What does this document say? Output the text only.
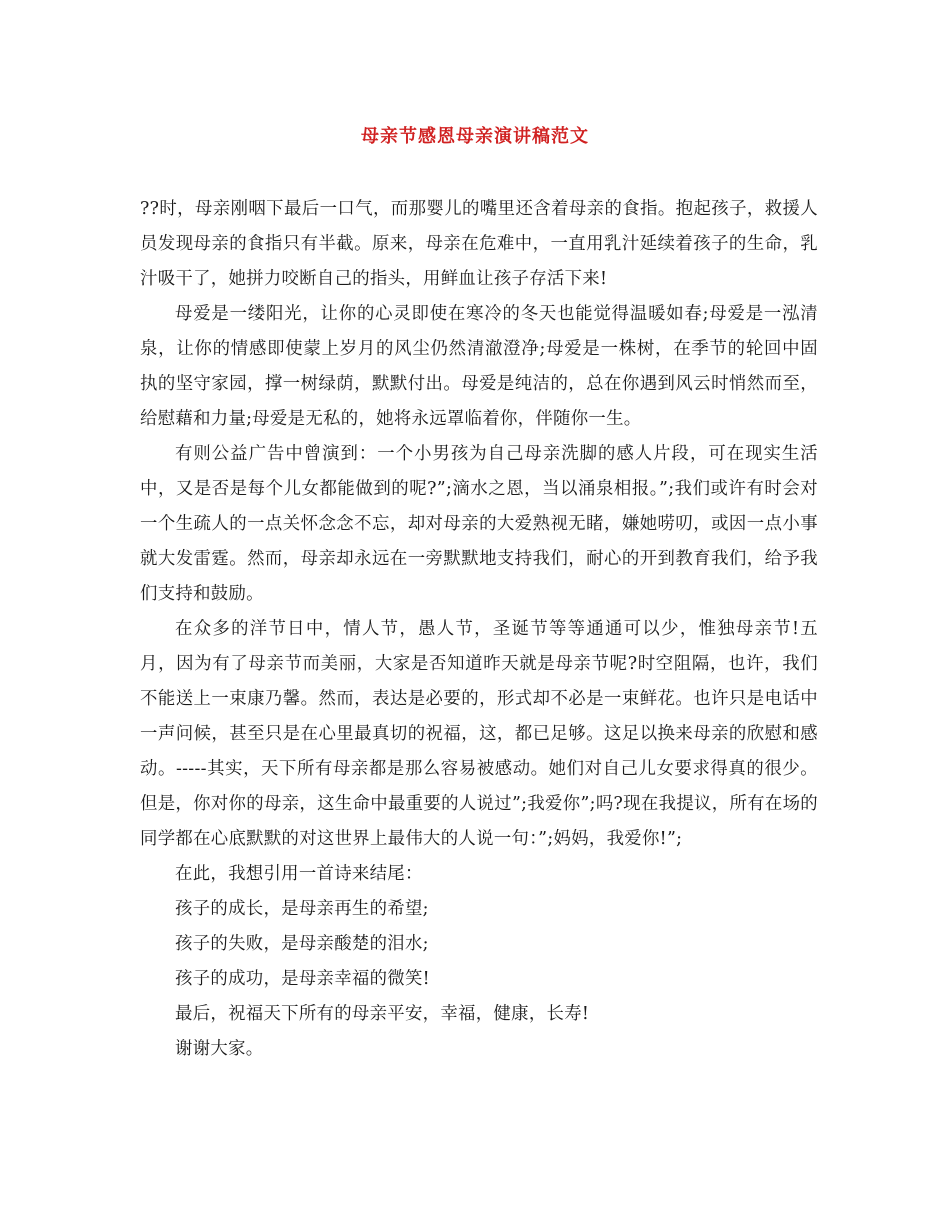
母亲节感恩母亲演讲稿范文

??时，母亲刚咽下最后一口气，而那婴儿的嘴里还含着母亲的食指。抱起孩子，救援人员发现母亲的食指只有半截。原来，母亲在危难中，一直用乳汁延续着孩子的生命，乳汁吸干了，她拼力咬断自己的指头，用鲜血让孩子存活下来!

母爱是一缕阳光，让你的心灵即使在寒冷的冬天也能觉得温暖如春;母爱是一泓清泉，让你的情感即使蒙上岁月的风尘仍然清澈澄净;母爱是一株树，在季节的轮回中固执的坚守家园，撑一树绿荫，默默付出。母爱是纯洁的，总在你遇到风云时悄然而至，给慰藉和力量;母爱是无私的，她将永远罩临着你，伴随你一生。

有则公益广告中曾演到：一个小男孩为自己母亲洗脚的感人片段，可在现实生活中，又是否是每个儿女都能做到的呢?”;滴水之恩，当以涌泉相报。”;我们或许有时会对一个生疏人的一点关怀念念不忘，却对母亲的大爱熟视无睹，嫌她唠叨，或因一点小事就大发雷霆。然而，母亲却永远在一旁默默地支持我们，耐心的开到教育我们，给予我们支持和鼓励。

在众多的洋节日中，情人节，愚人节，圣诞节等等通通可以少，惟独母亲节!五月，因为有了母亲节而美丽，大家是否知道昨天就是母亲节呢?时空阻隔，也许，我们不能送上一束康乃馨。然而，表达是必要的，形式却不必是一束鲜花。也许只是电话中一声问候，甚至只是在心里最真切的祝福，这，都已足够。这足以换来母亲的欣慰和感动。-----其实，天下所有母亲都是那么容易被感动。她们对自己儿女要求得真的很少。但是，你对你的母亲，这生命中最重要的人说过”;我爱你”;吗?现在我提议，所有在场的同学都在心底默默的对这世界上最伟大的人说一句：”;妈妈，我爱你!”;

在此，我想引用一首诗来结尾：

孩子的成长，是母亲再生的希望;

孩子的失败，是母亲酸楚的泪水;

孩子的成功，是母亲幸福的微笑!

最后，祝福天下所有的母亲平安，幸福，健康，长寿!

谢谢大家。
